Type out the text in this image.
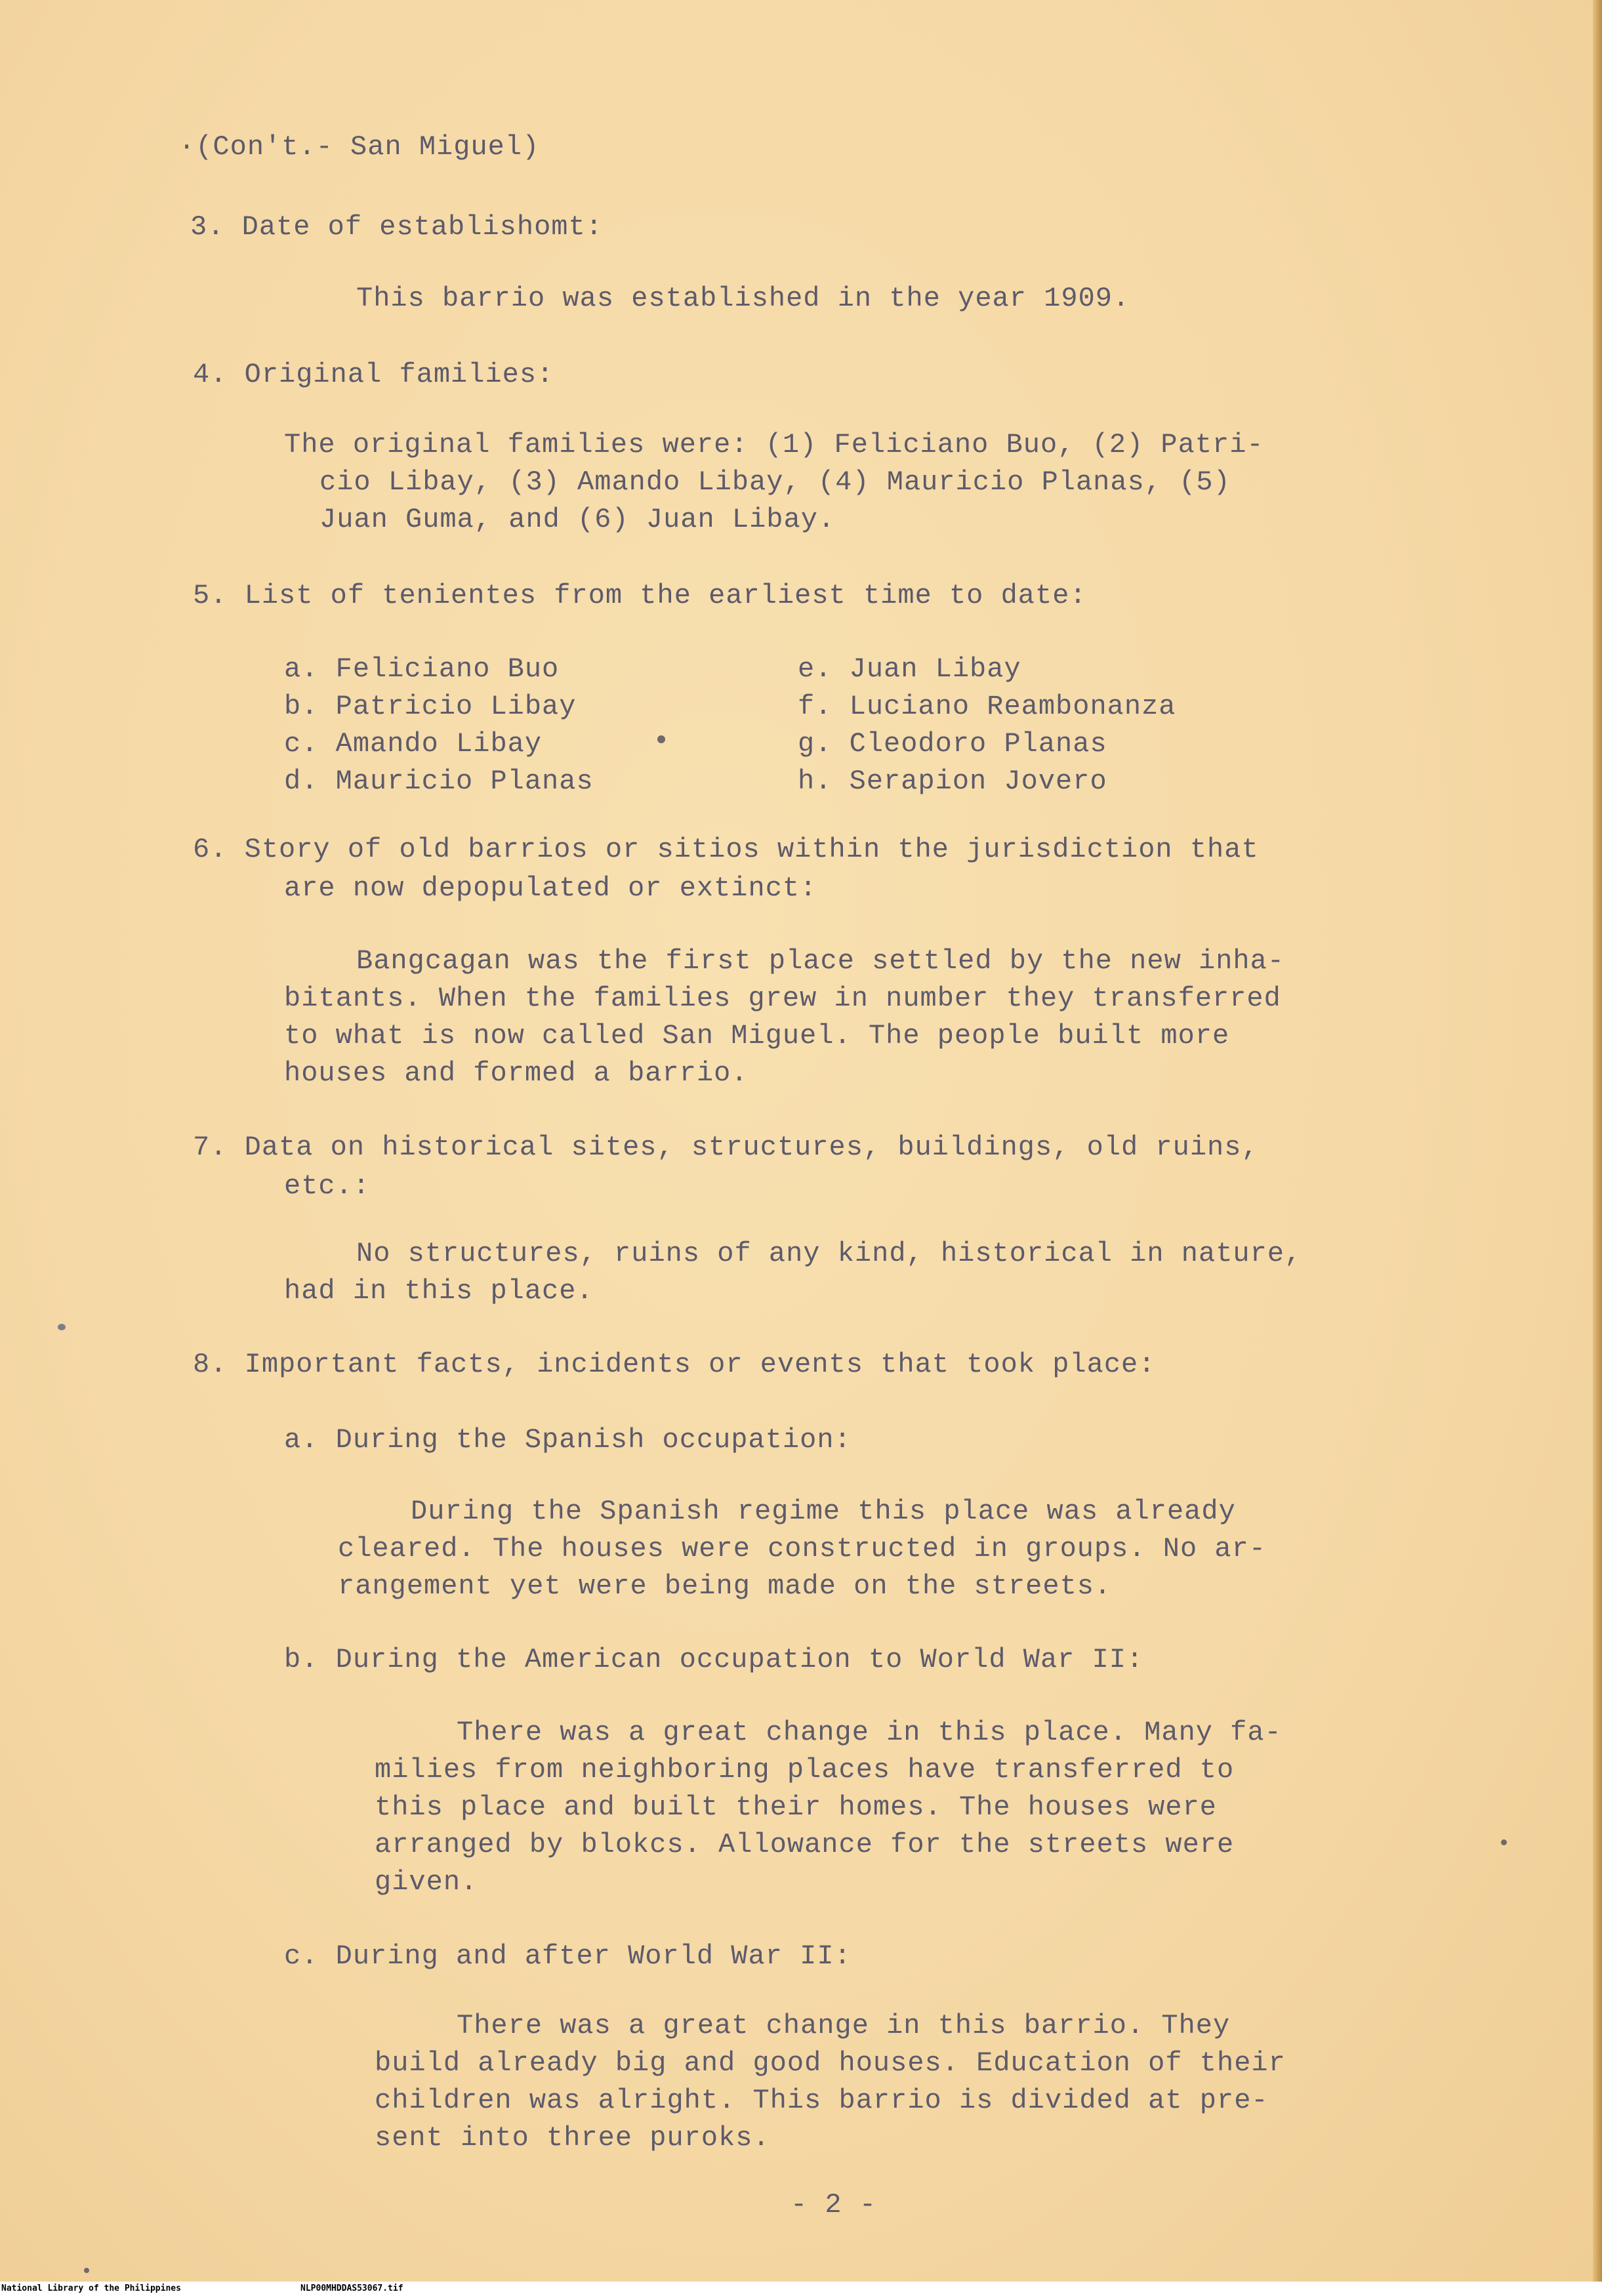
·(Con't.- San Miguel)

3. Date of establishomt:

This barrio was established in the year 1909.

4. Original families:

The original families were: (1) Feliciano Buo, (2) Patri-

cio Libay, (3) Amando Libay, (4) Mauricio Planas, (5)

Juan Guma, and (6) Juan Libay.

5. List of tenientes from the earliest time to date:

a. Feliciano Buo

b. Patricio Libay

c. Amando Libay

d. Mauricio Planas

e. Juan Libay

f. Luciano Reambonanza

g. Cleodoro Planas

h. Serapion Jovero

6. Story of old barrios or sitios within the jurisdiction that

are now depopulated or extinct:

Bangcagan was the first place settled by the new inha-

bitants. When the families grew in number they transferred

to what is now called San Miguel. The people built more

houses and formed a barrio.

7. Data on historical sites, structures, buildings, old ruins,

etc.:

No structures, ruins of any kind, historical in nature,

had in this place.

8. Important facts, incidents or events that took place:

a. During the Spanish occupation:

During the Spanish regime this place was already

cleared. The houses were constructed in groups. No ar-

rangement yet were being made on the streets.

b. During the American occupation to World War II:

There was a great change in this place. Many fa-

milies from neighboring places have transferred to

this place and built their homes. The houses were

arranged by blokcs. Allowance for the streets were

given.

c. During and after World War II:

There was a great change in this barrio. They

build already big and good houses. Education of their

children was alright. This barrio is divided at pre-

sent into three puroks.

- 2 -

National Library of the Philippines	NLP00MHDDAS53067.tif
